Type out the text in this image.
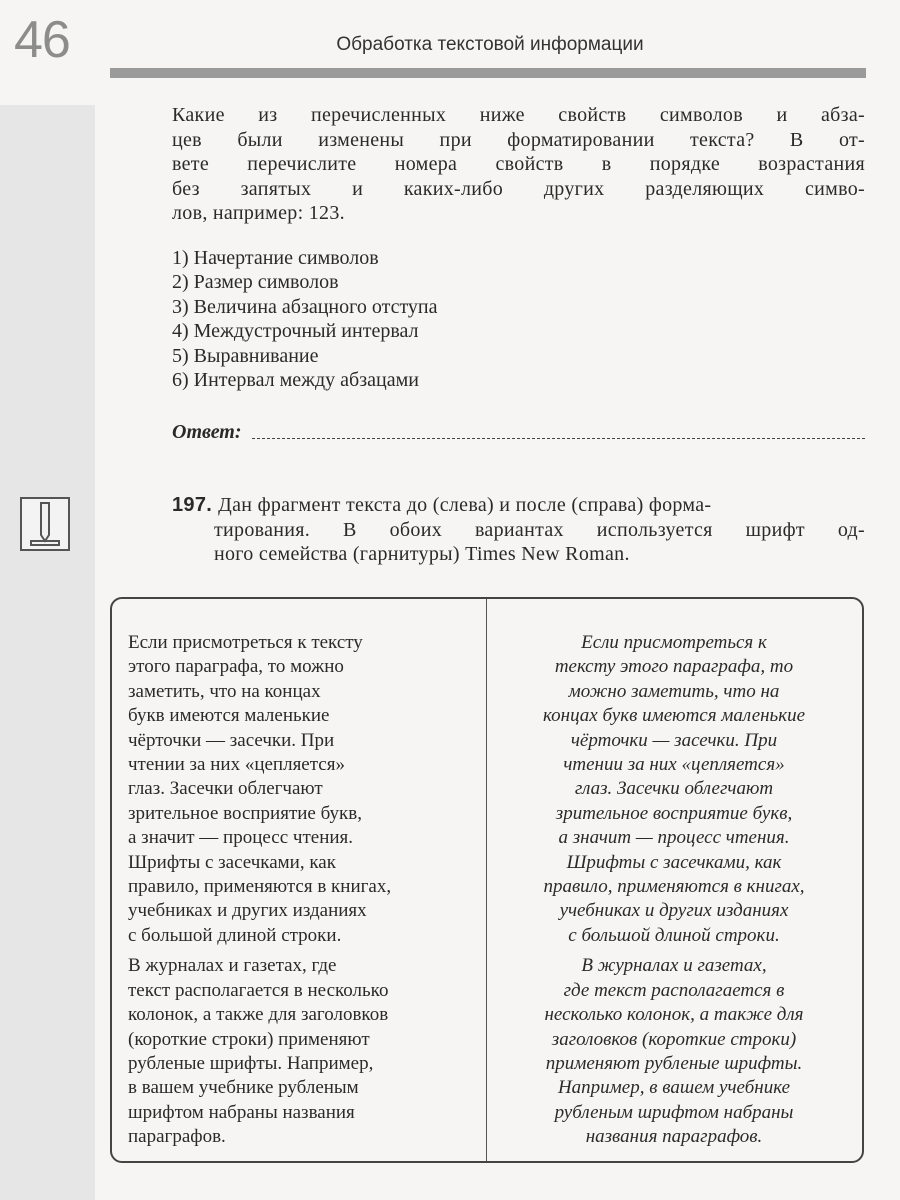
46	Обработка текстовой информации
Какие из перечисленных ниже свойств символов и абза-
цев были изменены при форматировании текста? В от-
вете перечислите номера свойств в порядке возрастания
без запятых и каких-либо других разделяющих симво-
лов, например: 123.
1) Начертание символов
2) Размер символов
3) Величина абзацного отступа
4) Междустрочный интервал
5) Выравнивание
6) Интервал между абзацами
Ответ:
197. Дан фрагмент текста до (слева) и после (справа) форма-
тирования. В обоих вариантах используется шрифт од-
ного семейства (гарнитуры) Times New Roman.
Если присмотреться к тексту
этого параграфа, то можно
заметить, что на концах
букв имеются маленькие
чёрточки — засечки. При
чтении за них «цепляется»
глаз. Засечки облегчают
зрительное восприятие букв,
а значит — процесс чтения.
Шрифты с засечками, как
правило, применяются в книгах,
учебниках и других изданиях
с большой длиной строки.
В журналах и газетах, где
текст располагается в несколько
колонок, а также для заголовков
(короткие строки) применяют
рубленые шрифты. Например,
в вашем учебнике рубленым
шрифтом набраны названия
параграфов.
Если присмотреться к
тексту этого параграфа, то
можно заметить, что на
концах букв имеются маленькие
чёрточки — засечки. При
чтении за них «цепляется»
глаз. Засечки облегчают
зрительное восприятие букв,
а значит — процесс чтения.
Шрифты с засечками, как
правило, применяются в книгах,
учебниках и других изданиях
с большой длиной строки.
В журналах и газетах,
где текст располагается в
несколько колонок, а также для
заголовков (короткие строки)
применяют рубленые шрифты.
Например, в вашем учебнике
рубленым шрифтом набраны
названия параграфов.
